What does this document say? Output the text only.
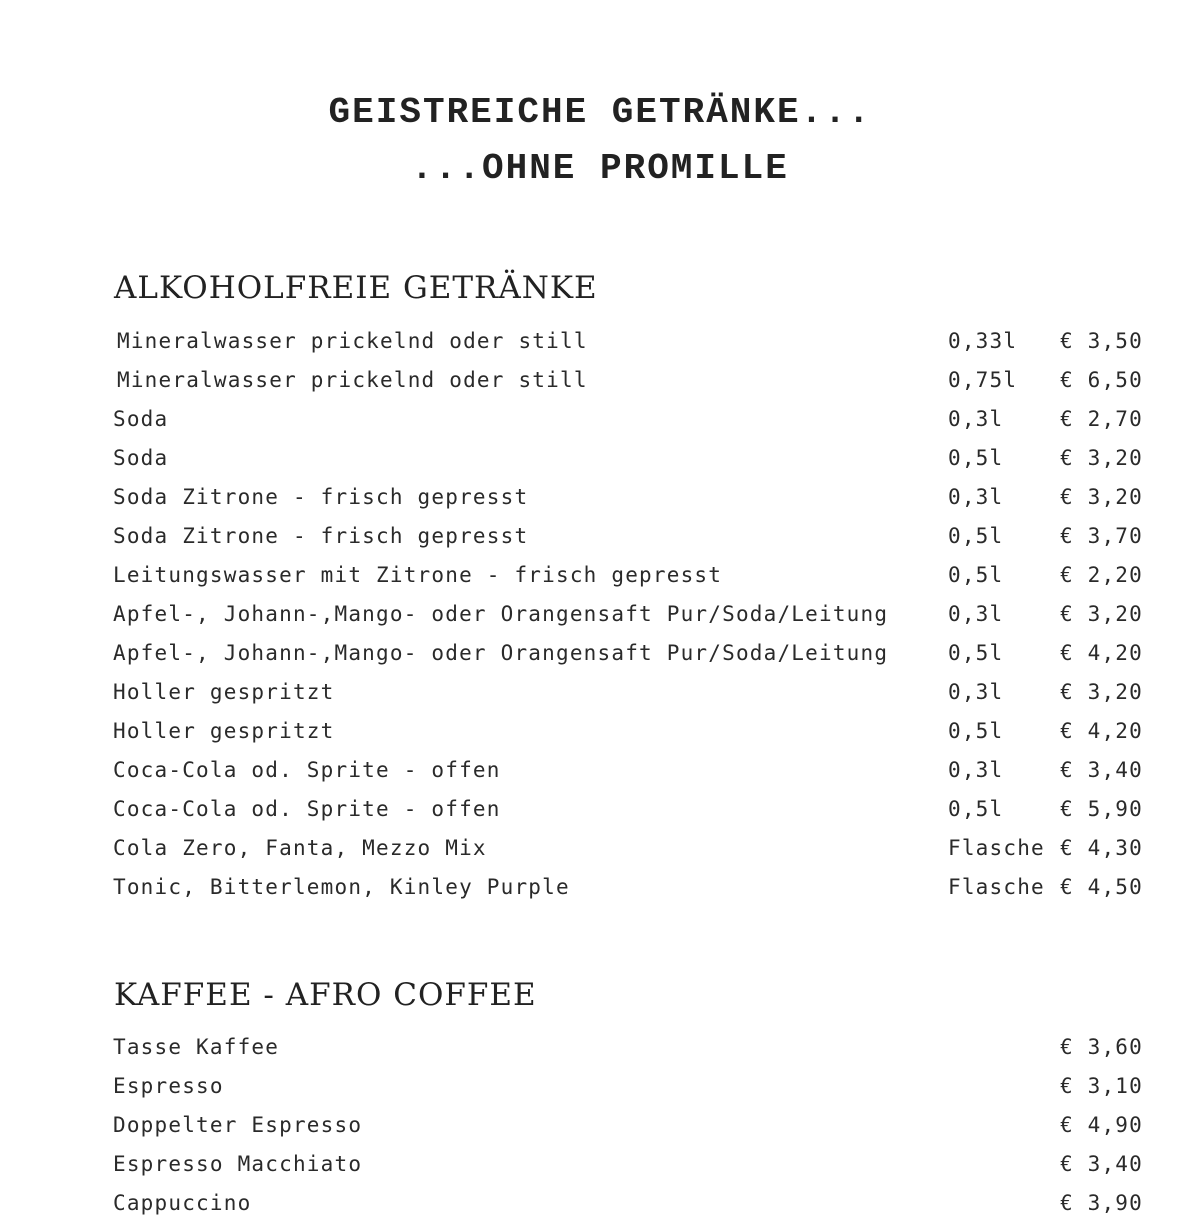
GEISTREICHE GETRÄNKE...
...OHNE PROMILLE
ALKOHOLFREIE GETRÄNKE
Mineralwasser prickelnd oder still	0,33l € 3,50
Mineralwasser prickelnd oder still	0,75l € 6,50
Soda	0,3l	€ 2,70
Soda	0,5l	€ 3,20
Soda Zitrone - frisch gepresst	0,3l	€ 3,20
Soda Zitrone - frisch gepresst	0,5l	€ 3,70
Leitungswasser mit Zitrone - frisch gepresst	0,5l	€ 2,20
Apfel-, Johann-,Mango- oder Orangensaft Pur/Soda/Leitung	0,3l	€ 3,20
Apfel-, Johann-,Mango- oder Orangensaft Pur/Soda/Leitung	0,5l	€ 4,20
Holler gespritzt	0,3l	€ 3,20
Holler gespritzt	0,5l	€ 4,20
Coca-Cola od. Sprite - offen	0,3l	€ 3,40
Coca-Cola od. Sprite - offen	0,5l	€ 5,90
Cola Zero, Fanta, Mezzo Mix	Flasche € 4,30
Tonic, Bitterlemon, Kinley Purple	Flasche € 4,50
KAFFEE - AFRO COFFEE
Tasse Kaffee	€ 3,60
Espresso	€ 3,10
Doppelter Espresso	€ 4,90
Espresso Macchiato	€ 3,40
Cappuccino	€ 3,90
